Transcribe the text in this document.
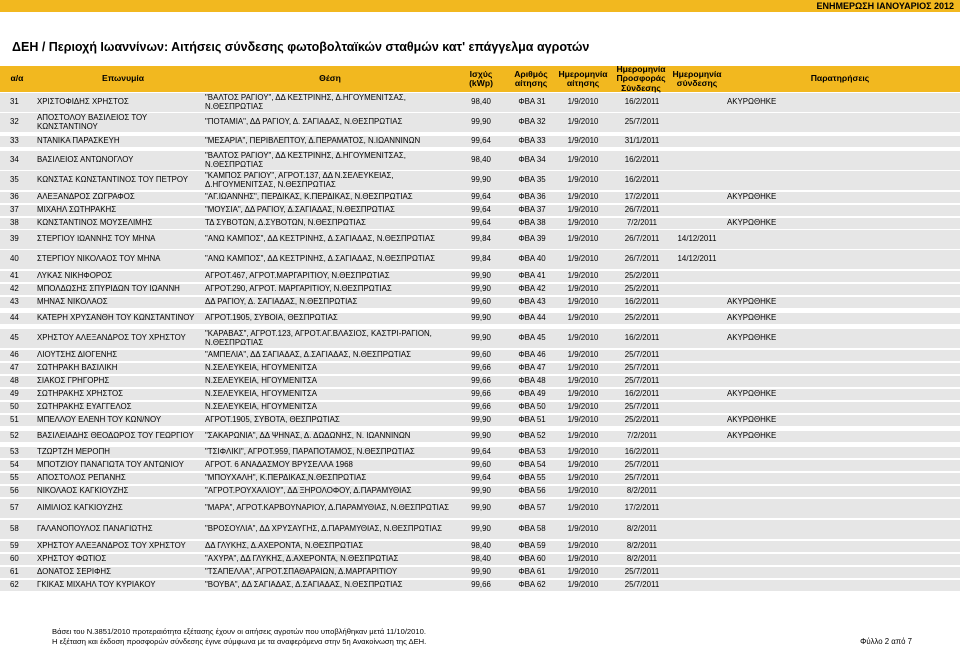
ΕΝΗΜΕΡΩΣΗ ΙΑΝΟΥΑΡΙΟΣ 2012
ΔΕΗ / Περιοχή Ιωαννίνων: Αιτήσεις σύνδεσης φωτοβολταϊκών σταθμών κατ' επάγγελμα αγροτών
α/α	Επωνυμία	Θέση	Ισχύς (kWp)
Αριθμός αίτησης
Ημερομηνία αίτησης
Ημερομηνία Προσφοράς Σύνδεσης
Ημερομηνία σύνδεσης	Παρατηρήσεις
31	ΧΡΙΣΤΟΦΙΔΗΣ ΧΡΗΣΤΟΣ	"ΒΑΛΤΟΣ ΡΑΓΙΟΥ", ΔΔ ΚΕΣΤΡΙΝΗΣ, Δ.ΗΓΟΥΜΕΝΙΤΣΑΣ, Ν.ΘΕΣΠΡΩΤΙΑΣ	98,40	ΦΒΑ 31	1/9/2010	16/2/2011	ΑΚΥΡΩΘΗΚΕ
32	ΑΠΟΣΤΟΛΟΥ ΒΑΣΙΛΕΙΟΣ ΤΟΥ ΚΩΝΣΤΑΝΤΙΝΟΥ	"ΠΟΤΑΜΙΑ", ΔΔ ΡΑΓΙΟΥ, Δ. ΣΑΓΙΑΔΑΣ, Ν.ΘΕΣΠΡΩΤΙΑΣ	99,90	ΦΒΑ 32	1/9/2010	25/7/2011
33	ΝΤΑΝΙΚΑ ΠΑΡΑΣΚΕΥΗ	"ΜΕΣΑΡΙΑ", ΠΕΡΙΒΛΕΠΤΟΥ, Δ.ΠΕΡΑΜΑΤΟΣ, Ν.ΙΩΑΝΝΙΝΩΝ	99,64	ΦΒΑ 33	1/9/2010	31/1/2011
34	ΒΑΣΙΛΕΙΟΣ ΑΝΤΩΝΟΓΛΟΥ	"ΒΑΛΤΟΣ ΡΑΓΙΟΥ", ΔΔ ΚΕΣΤΡΙΝΗΣ, Δ.ΗΓΟΥΜΕΝΙΤΣΑΣ, Ν.ΘΕΣΠΡΩΤΙΑΣ	98,40	ΦΒΑ 34	1/9/2010	16/2/2011
35	ΚΩΝΣΤΑΣ ΚΩΝΣΤΑΝΤΙΝΟΣ ΤΟΥ ΠΕΤΡΟΥ	"ΚΑΜΠΟΣ ΡΑΓΙΟΥ", ΑΓΡΟΤ.137, ΔΔ Ν.ΣΕΛΕΥΚΕΙΑΣ, Δ.ΗΓΟΥΜΕΝΙΤΣΑΣ, Ν.ΘΕΣΠΡΩΤΙΑΣ	99,90	ΦΒΑ 35	1/9/2010	16/2/2011
36	ΑΛΕΞΑΝΔΡΟΣ ΖΩΓΡΑΦΟΣ	"ΑΓ.ΙΩΑΝΝΗΣ", ΠΕΡΔΙΚΑΣ, Κ.ΠΕΡΔΙΚΑΣ, Ν.ΘΕΣΠΡΩΤΙΑΣ	99,64	ΦΒΑ 36	1/9/2010	17/2/2011	ΑΚΥΡΩΘΗΚΕ
37	ΜΙΧΑΗΛ ΣΩΤΗΡΑΚΗΣ	"ΜΟΥΣΙΑ", ΔΔ ΡΑΓΙΟΥ, Δ.ΣΑΓΙΑΔΑΣ, Ν.ΘΕΣΠΡΩΤΙΑΣ	99,64	ΦΒΑ 37	1/9/2010	26/7/2011
38	ΚΩΝΣΤΑΝΤΙΝΟΣ ΜΟΥΣΕΛΙΜΗΣ	ΤΔ ΣΥΒΟΤΩΝ, Δ.ΣΥΒΟΤΩΝ, Ν.ΘΕΣΠΡΩΤΙΑΣ	99,64	ΦΒΑ 38	1/9/2010	7/2/2011	ΑΚΥΡΩΘΗΚΕ
39	ΣΤΕΡΓΙΟΥ ΙΩΑΝΝΗΣ ΤΟΥ ΜΗΝΑ	"ΑΝΩ ΚΑΜΠΟΣ", ΔΔ ΚΕΣΤΡΙΝΗΣ, Δ.ΣΑΓΙΑΔΑΣ, Ν.ΘΕΣΠΡΩΤΙΑΣ	99,84	ΦΒΑ 39	1/9/2010	26/7/2011	14/12/2011
40	ΣΤΕΡΓΙΟΥ ΝΙΚΟΛΑΟΣ ΤΟΥ ΜΗΝΑ	"ΑΝΩ ΚΑΜΠΟΣ", ΔΔ ΚΕΣΤΡΙΝΗΣ, Δ.ΣΑΓΙΑΔΑΣ, Ν.ΘΕΣΠΡΩΤΙΑΣ	99,84	ΦΒΑ 40	1/9/2010	26/7/2011	14/12/2011
41	ΛΥΚΑΣ ΝΙΚΗΦΟΡΟΣ	ΑΓΡΟΤ.467, ΑΓΡΟΤ.ΜΑΡΓΑΡΙΤΙΟΥ, Ν.ΘΕΣΠΡΩΤΙΑΣ	99,90	ΦΒΑ 41	1/9/2010	25/2/2011
42	ΜΠΟΛΔΩΣΗΣ ΣΠΥΡΙΔΩΝ ΤΟΥ ΙΩΑΝΝΗ	ΑΓΡΟΤ.290, ΑΓΡΟΤ. ΜΑΡΓΑΡΙΤΙΟΥ, Ν.ΘΕΣΠΡΩΤΙΑΣ	99,90	ΦΒΑ 42	1/9/2010	25/2/2011
43	ΜΗΝΑΣ ΝΙΚΟΛΑΟΣ	ΔΔ ΡΑΓΙΟΥ, Δ. ΣΑΓΙΑΔΑΣ, Ν.ΘΕΣΠΡΩΤΙΑΣ	99,60	ΦΒΑ 43	1/9/2010	16/2/2011	ΑΚΥΡΩΘΗΚΕ
44	ΚΑΤΕΡΗ ΧΡΥΣΑΝΘΗ ΤΟΥ ΚΩΝΣΤΑΝΤΙΝΟΥ	ΑΓΡΟΤ.1905, ΣΥΒΟΙΑ, ΘΕΣΠΡΩΤΙΑΣ	99,90	ΦΒΑ 44	1/9/2010	25/2/2011	ΑΚΥΡΩΘΗΚΕ
45	ΧΡΗΣΤΟΥ ΑΛΕΞΑΝΔΡΟΣ ΤΟΥ ΧΡΗΣΤΟΥ	"ΚΑΡΑΒΑΣ", ΑΓΡΟΤ.123, ΑΓΡΟΤ.ΑΓ.ΒΛΑΣΙΟΣ, ΚΑΣΤΡΙ-ΡΑΓΙΟΝ, Ν.ΘΕΣΠΡΩΤΙΑΣ	99,90	ΦΒΑ 45	1/9/2010	16/2/2011	ΑΚΥΡΩΘΗΚΕ
46	ΛΙΟΥΤΣΗΣ ΔΙΟΓΕΝΗΣ	"ΑΜΠΕΛΙΑ", ΔΔ ΣΑΓΙΑΔΑΣ, Δ.ΣΑΓΙΑΔΑΣ, Ν.ΘΕΣΠΡΩΤΙΑΣ	99,60	ΦΒΑ 46	1/9/2010	25/7/2011
47	ΣΩΤΗΡΑΚΗ ΒΑΣΙΛΙΚΗ	Ν.ΣΕΛΕΥΚΕΙΑ, ΗΓΟΥΜΕΝΙΤΣΑ	99,66	ΦΒΑ 47	1/9/2010	25/7/2011
48	ΣΙΑΚΟΣ ΓΡΗΓΟΡΗΣ	Ν.ΣΕΛΕΥΚΕΙΑ, ΗΓΟΥΜΕΝΙΤΣΑ	99,66	ΦΒΑ 48	1/9/2010	25/7/2011
49	ΣΩΤΗΡΑΚΗΣ ΧΡΗΣΤΟΣ	Ν.ΣΕΛΕΥΚΕΙΑ, ΗΓΟΥΜΕΝΙΤΣΑ	99,66	ΦΒΑ 49	1/9/2010	16/2/2011	ΑΚΥΡΩΘΗΚΕ
50	ΣΩΤΗΡΑΚΗΣ ΕΥΑΓΓΕΛΟΣ	Ν.ΣΕΛΕΥΚΕΙΑ, ΗΓΟΥΜΕΝΙΤΣΑ	99,66	ΦΒΑ 50	1/9/2010	25/7/2011
51	ΜΠΕΛΛΟΥ ΕΛΕΝΗ ΤΟΥ ΚΩΝ/ΝΟΥ	ΑΓΡΟΤ.1905, ΣΥΒΟΤΑ, ΘΕΣΠΡΩΤΙΑΣ	99,90	ΦΒΑ 51	1/9/2010	25/2/2011	ΑΚΥΡΩΘΗΚΕ
52	ΒΑΣΙΛΕΙΑΔΗΣ ΘΕΟΔΩΡΟΣ ΤΟΥ ΓΕΩΡΓΙΟΥ	"ΣΑΚΑΡΩΝΙΑ", ΔΔ ΨΗΝΑΣ, Δ. ΔΩΔΩΝΗΣ, Ν. ΙΩΑΝΝΙΝΩΝ	99,90	ΦΒΑ 52	1/9/2010	7/2/2011	ΑΚΥΡΩΘΗΚΕ
53	ΤΖΩΡΤΖΗ ΜΕΡΟΠΗ	"ΤΣΙΦΛΙΚΙ", ΑΓΡΟΤ.959, ΠΑΡΑΠΟΤΑΜΟΣ, Ν.ΘΕΣΠΡΩΤΙΑΣ	99,64	ΦΒΑ 53	1/9/2010	16/2/2011
54	ΜΠΟΤΖΙΟΥ ΠΑΝΑΓΙΩΤΑ ΤΟΥ ΑΝΤΩΝΙΟΥ	ΑΓΡΟΤ. 6 ΑΝΑΔΑΣΜΟΥ ΒΡΥΣΕΛΛΑ 1968	99,60	ΦΒΑ 54	1/9/2010	25/7/2011
55	ΑΠΟΣΤΟΛΟΣ ΡΕΠΑΝΗΣ	"ΜΠΟΥΧΑΛΗ", Κ.ΠΕΡΔΙΚΑΣ,Ν.ΘΕΣΠΡΩΤΙΑΣ	99,64	ΦΒΑ 55	1/9/2010	25/7/2011
56	ΝΙΚΟΛΑΟΣ ΚΑΓΚΙΟΥΖΗΣ	"ΑΓΡΟΤ.ΡΟΥΧΑΛΙΟΥ", ΔΔ ΞΗΡΟΛΟΦΟΥ, Δ.ΠΑΡΑΜΥΘΙΑΣ	99,90	ΦΒΑ 56	1/9/2010	8/2/2011
57	ΑΙΜΙΛΙΟΣ ΚΑΓΚΙΟΥΖΗΣ	"ΜΑΡΑ", ΑΓΡΟΤ.ΚΑΡΒΟΥΝΑΡΙΟΥ, Δ.ΠΑΡΑΜΥΘΙΑΣ, Ν.ΘΕΣΠΡΩΤΙΑΣ	99,90	ΦΒΑ 57	1/9/2010	17/2/2011
58	ΓΑΛΑΝΟΠΟΥΛΟΣ ΠΑΝΑΓΙΩΤΗΣ	"ΒΡΟΣΟΥΛΙΑ", ΔΔ ΧΡΥΣΑΥΓΗΣ, Δ.ΠΑΡΑΜΥΘΙΑΣ, Ν.ΘΕΣΠΡΩΤΙΑΣ	99,90	ΦΒΑ 58	1/9/2010	8/2/2011
59	ΧΡΗΣΤΟΥ ΑΛΕΞΑΝΔΡΟΣ ΤΟΥ ΧΡΗΣΤΟΥ	ΔΔ ΓΛΥΚΗΣ, Δ.ΑΧΕΡΟΝΤΑ, Ν.ΘΕΣΠΡΩΤΙΑΣ	98,40	ΦΒΑ 59	1/9/2010	8/2/2011
60	ΧΡΗΣΤΟΥ ΦΩΤΙΟΣ	"ΑΧΥΡΑ", ΔΔ ΓΛΥΚΗΣ, Δ.ΑΧΕΡΟΝΤΑ, Ν.ΘΕΣΠΡΩΤΙΑΣ	98,40	ΦΒΑ 60	1/9/2010	8/2/2011
61	ΔΟΝΑΤΟΣ ΣΕΡΙΦΗΣ	"ΤΣΑΠΕΛΛΑ", ΑΓΡΟΤ.ΣΠΑΘΑΡΑΙΩΝ, Δ.ΜΑΡΓΑΡΙΤΙΟΥ	99,90	ΦΒΑ 61	1/9/2010	25/7/2011
62	ΓΚΙΚΑΣ ΜΙΧΑΗΛ ΤΟΥ ΚΥΡΙΑΚΟΥ	"ΒΟΥΒΑ", ΔΔ ΣΑΓΙΑΔΑΣ, Δ.ΣΑΓΙΑΔΑΣ, Ν.ΘΕΣΠΡΩΤΙΑΣ	99,66	ΦΒΑ 62	1/9/2010	25/7/2011
Βάσει του Ν.3851/2010 προτεραιότητα εξέτασης έχουν οι αιτήσεις αγροτών που υποβλήθηκαν μετά 11/10/2010.
Η εξέταση και έκδοση προσφορών σύνδεσης έγινε σύμφωνα με τα αναφερόμενα στην 5η Ανακοίνωση της ΔΕΗ.	Φύλλο 2 από 7
